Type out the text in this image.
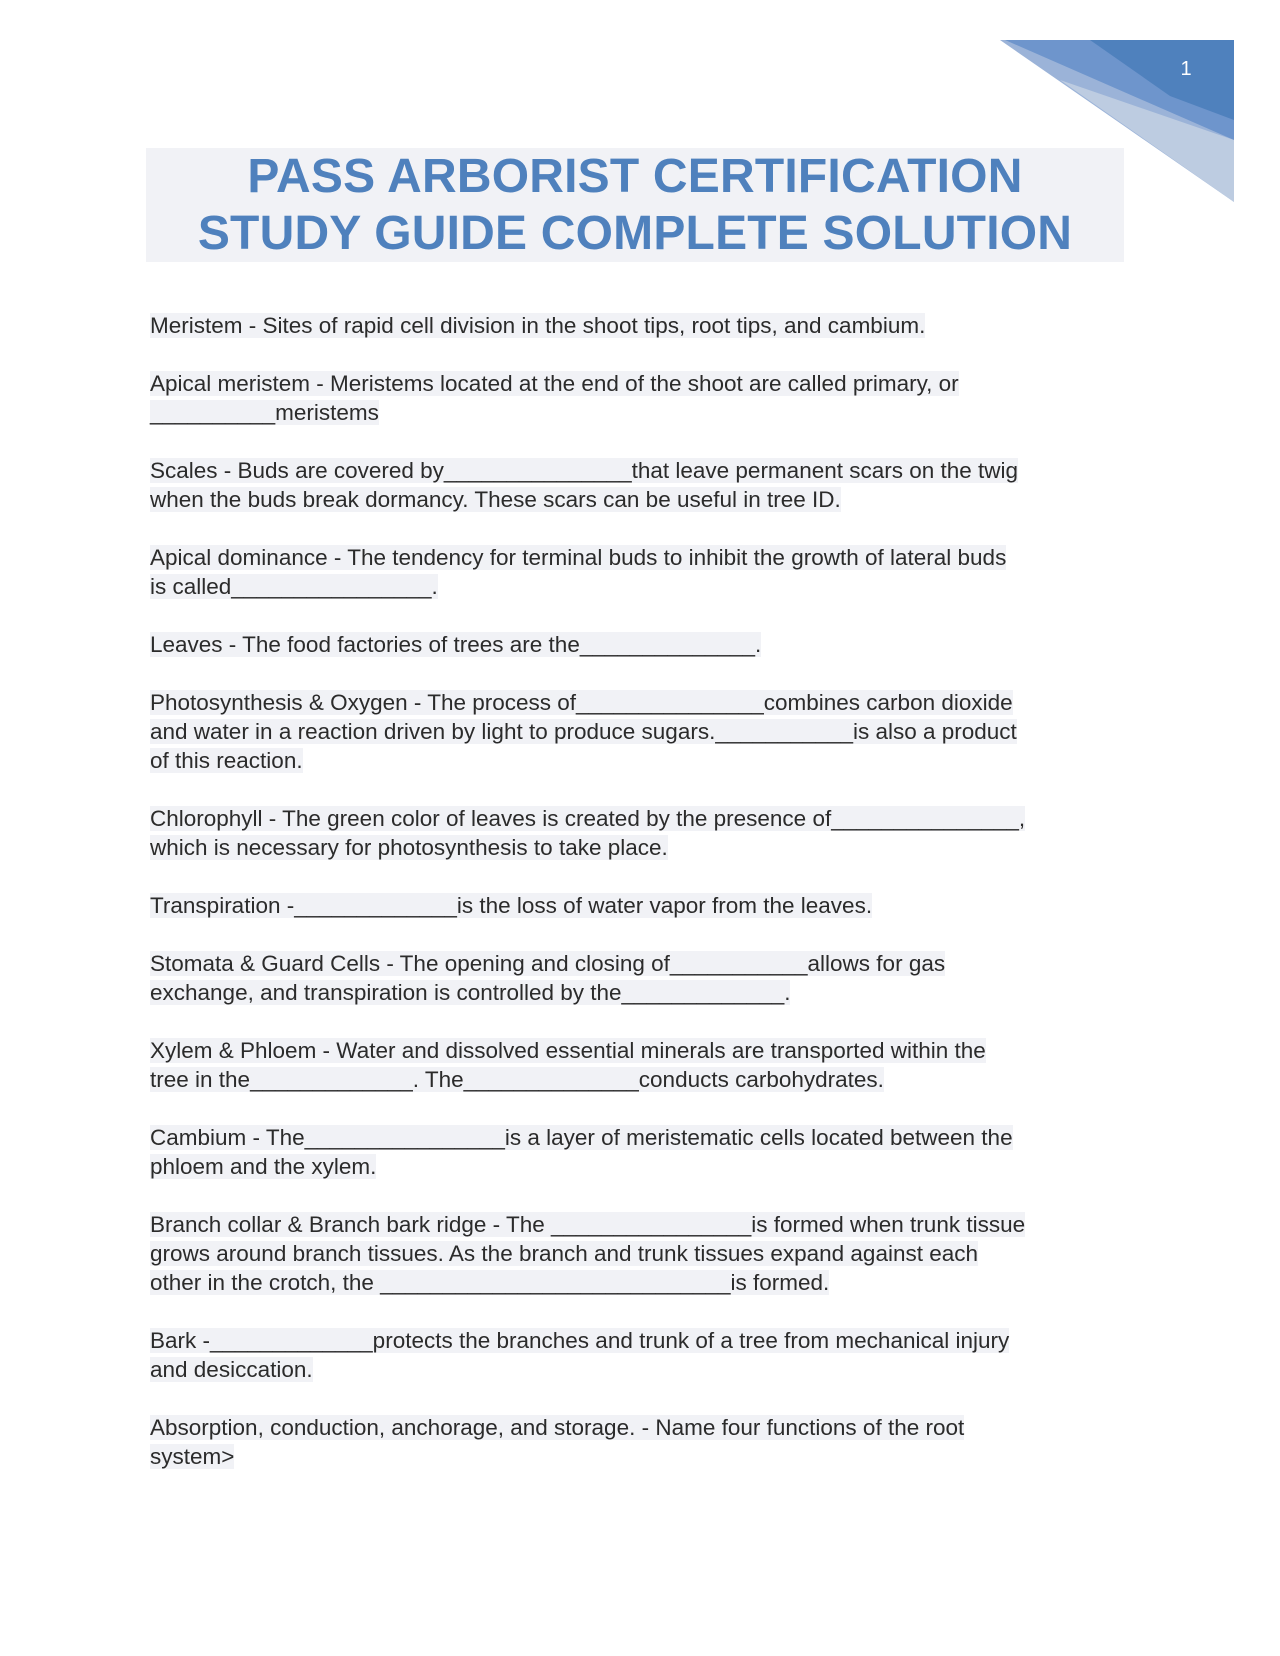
1
PASS ARBORIST CERTIFICATION
STUDY GUIDE COMPLETE SOLUTION
Meristem - Sites of rapid cell division in the shoot tips, root tips, and cambium.
Apical meristem - Meristems located at the end of the shoot are called primary, or
__________meristems
Scales - Buds are covered by_______________that leave permanent scars on the twig
when the buds break dormancy. These scars can be useful in tree ID.
Apical dominance - The tendency for terminal buds to inhibit the growth of lateral buds
is called________________.
Leaves - The food factories of trees are the______________.
Photosynthesis & Oxygen - The process of_______________combines carbon dioxide
and water in a reaction driven by light to produce sugars.___________is also a product
of this reaction.
Chlorophyll - The green color of leaves is created by the presence of_______________,
which is necessary for photosynthesis to take place.
Transpiration -_____________is the loss of water vapor from the leaves.
Stomata & Guard Cells - The opening and closing of___________allows for gas
exchange, and transpiration is controlled by the_____________.
Xylem & Phloem - Water and dissolved essential minerals are transported within the
tree in the_____________. The______________conducts carbohydrates.
Cambium - The________________is a layer of meristematic cells located between the
phloem and the xylem.
Branch collar & Branch bark ridge - The ________________is formed when trunk tissue
grows around branch tissues. As the branch and trunk tissues expand against each
other in the crotch, the ____________________________is formed.
Bark -_____________protects the branches and trunk of a tree from mechanical injury
and desiccation.
Absorption, conduction, anchorage, and storage. - Name four functions of the root
system>
